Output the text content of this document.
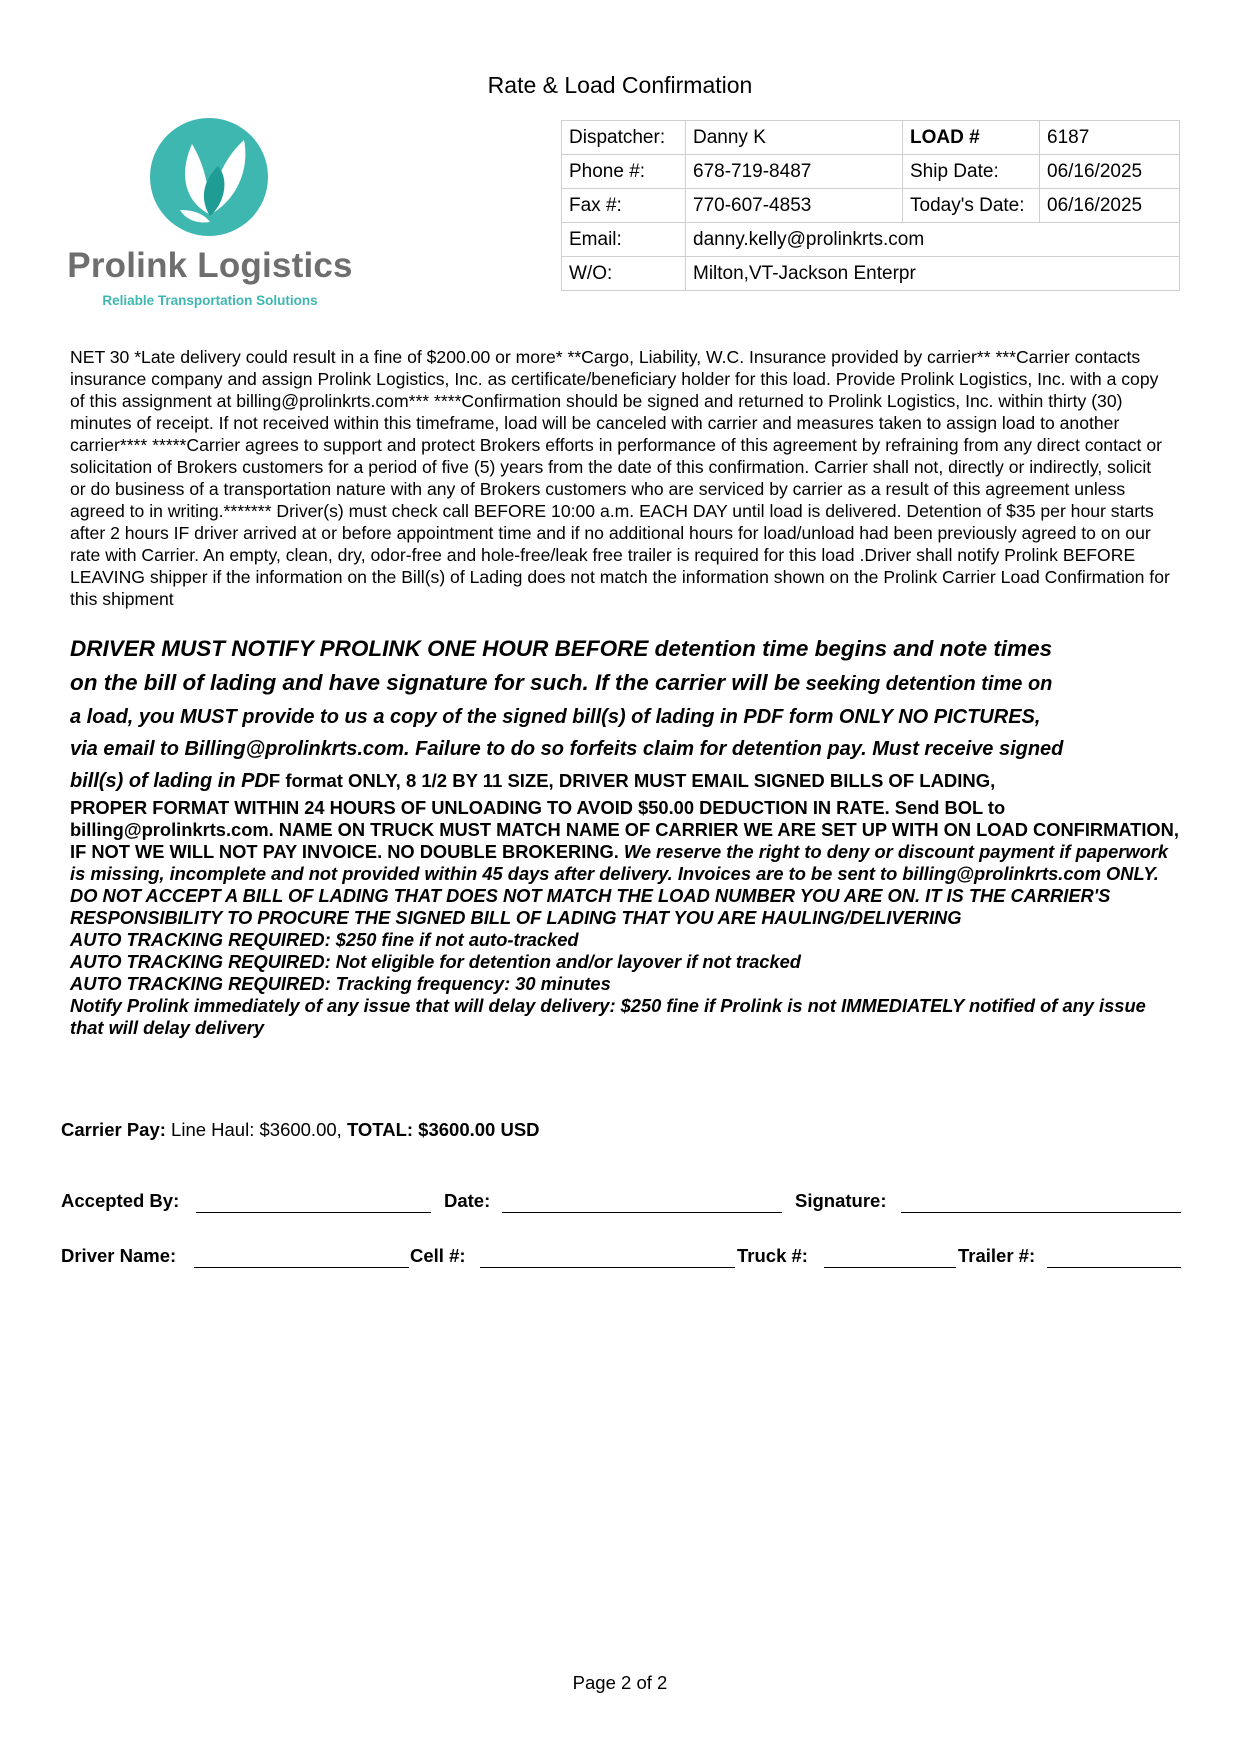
Rate & Load Confirmation
Prolink Logistics
Reliable Transportation Solutions
Dispatcher:	Danny K	LOAD #	6187
Phone #:	678-719-8487	Ship Date:	06/16/2025
Fax #:	770-607-4853	Today's Date:	06/16/2025
Email:	danny.kelly@prolinkrts.com		
W/O:	Milton,VT-Jackson Enterpr		
NET 30 *Late delivery could result in a fine of $200.00 or more* **Cargo, Liability, W.C. Insurance provided by carrier** ***Carrier contacts insurance company and assign Prolink Logistics, Inc. as certificate/beneficiary holder for this load. Provide Prolink Logistics, Inc. with a copy of this assignment at billing@prolinkrts.com*** ****Confirmation should be signed and returned to Prolink Logistics, Inc. within thirty (30) minutes of receipt. If not received within this timeframe, load will be canceled with carrier and measures taken to assign load to another carrier**** *****Carrier agrees to support and protect Brokers efforts in performance of this agreement by refraining from any direct contact or solicitation of Brokers customers for a period of five (5) years from the date of this confirmation. Carrier shall not, directly or indirectly, solicit or do business of a transportation nature with any of Brokers customers who are serviced by carrier as a result of this agreement unless agreed to in writing.******* Driver(s) must check call BEFORE 10:00 a.m. EACH DAY until load is delivered. Detention of $35 per hour starts after 2 hours IF driver arrived at or before appointment time and if no additional hours for load/unload had been previously agreed to on our rate with Carrier. An empty, clean, dry, odor-free and hole-free/leak free trailer is required for this load .Driver shall notify Prolink BEFORE LEAVING shipper if the information on the Bill(s) of Lading does not match the information shown on the Prolink Carrier Load Confirmation for this shipment
DRIVER MUST NOTIFY PROLINK ONE HOUR BEFORE detention time begins and note times
on the bill of lading and have signature for such. If the carrier will be seeking detention time on
a load, you MUST provide to us a copy of the signed bill(s) of lading in PDF form ONLY NO PICTURES,
via email to Billing@prolinkrts.com. Failure to do so forfeits claim for detention pay. Must receive signed
bill(s) of lading in PDF format ONLY, 8 1/2 BY 11 SIZE, DRIVER MUST EMAIL SIGNED BILLS OF LADING,
PROPER FORMAT WITHIN 24 HOURS OF UNLOADING TO AVOID $50.00 DEDUCTION IN RATE. Send BOL to billing@prolinkrts.com. NAME ON TRUCK MUST MATCH NAME OF CARRIER WE ARE SET UP WITH ON LOAD CONFIRMATION, IF NOT WE WILL NOT PAY INVOICE. NO DOUBLE BROKERING. We reserve the right to deny or discount payment if paperwork is missing, incomplete and not provided within 45 days after delivery. Invoices are to be sent to billing@prolinkrts.com ONLY.
DO NOT ACCEPT A BILL OF LADING THAT DOES NOT MATCH THE LOAD NUMBER YOU ARE ON. IT IS THE CARRIER'S RESPONSIBILITY TO PROCURE THE SIGNED BILL OF LADING THAT YOU ARE HAULING/DELIVERING
AUTO TRACKING REQUIRED: $250 fine if not auto-tracked
AUTO TRACKING REQUIRED: Not eligible for detention and/or layover if not tracked
AUTO TRACKING REQUIRED: Tracking frequency: 30 minutes
Notify Prolink immediately of any issue that will delay delivery: $250 fine if Prolink is not IMMEDIATELY notified of any issue that will delay delivery
Carrier Pay: Line Haul: $3600.00, TOTAL: $3600.00 USD
Accepted By:	Date:	Signature:
Driver Name:	Cell #:	Truck #:	Trailer #:
Page 2 of 2
